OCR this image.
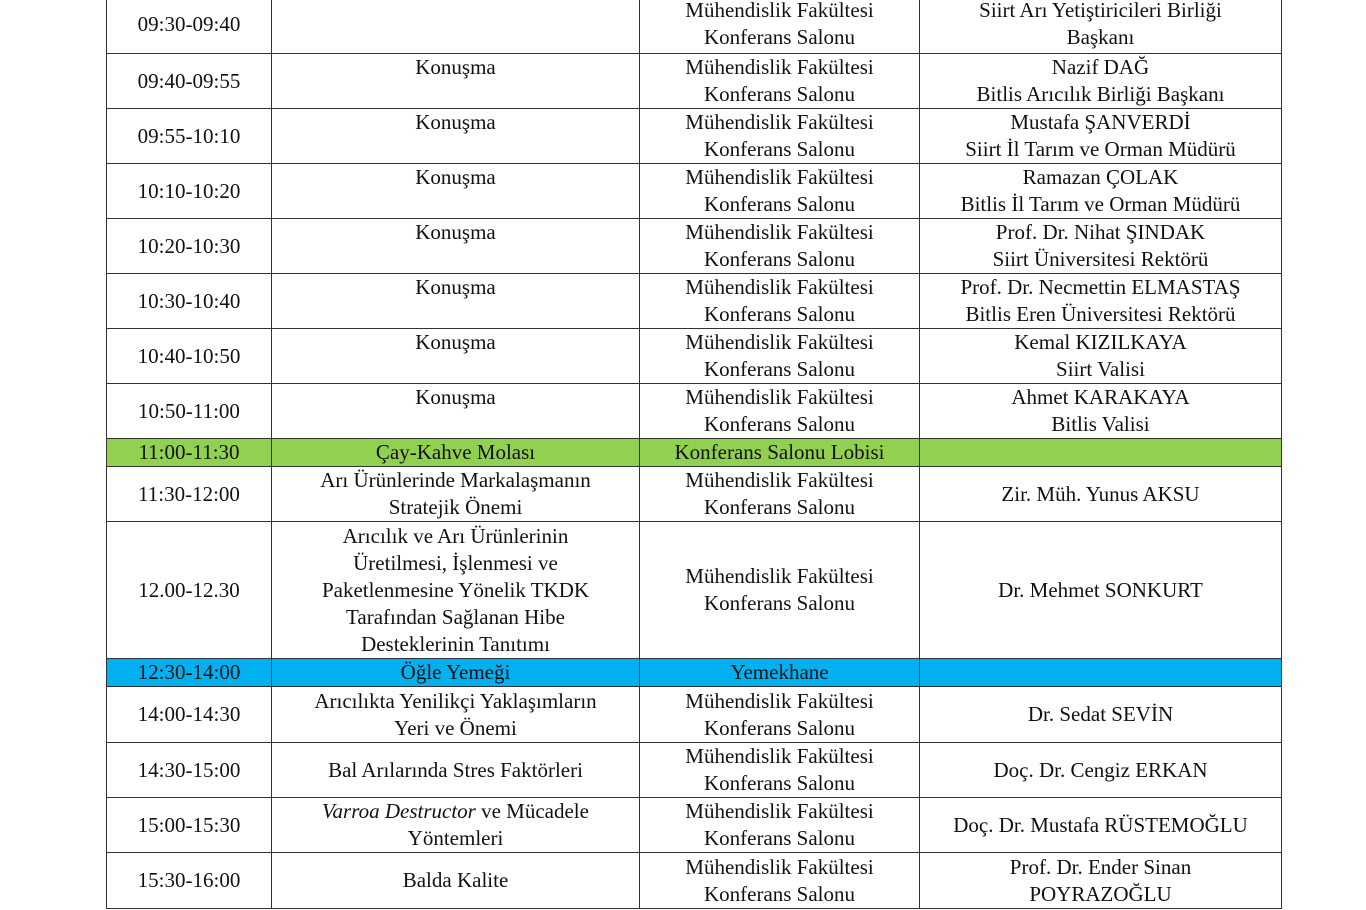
09:30-09:40		Mühendislik Fakültesi
Konferans Salonu	Siirt Arı Yetiştiricileri Birliği
Başkanı

09:40-09:55	Konuşma	Mühendislik Fakültesi
Konferans Salonu	Nazif DAĞ
Bitlis Arıcılık Birliği Başkanı

09:55-10:10	Konuşma	Mühendislik Fakültesi
Konferans Salonu	Mustafa ŞANVERDİ
Siirt İl Tarım ve Orman Müdürü

10:10-10:20	Konuşma	Mühendislik Fakültesi
Konferans Salonu	Ramazan ÇOLAK
Bitlis İl Tarım ve Orman Müdürü

10:20-10:30	Konuşma	Mühendislik Fakültesi
Konferans Salonu	Prof. Dr. Nihat ŞINDAK
Siirt Üniversitesi Rektörü

10:30-10:40	Konuşma	Mühendislik Fakültesi
Konferans Salonu	Prof. Dr. Necmettin ELMASTAŞ
Bitlis Eren Üniversitesi Rektörü

10:40-10:50	Konuşma	Mühendislik Fakültesi
Konferans Salonu	Kemal KIZILKAYA
Siirt Valisi

10:50-11:00	Konuşma	Mühendislik Fakültesi
Konferans Salonu	Ahmet KARAKAYA
Bitlis Valisi

11:00-11:30	Çay-Kahve Molası	Konferans Salonu Lobisi	
11:30-12:00	Arı Ürünlerinde Markalaşmanın
Stratejik Önemi	Mühendislik Fakültesi
Konferans Salonu	Zir. Müh. Yunus AKSU
12.00-12.30	Arıcılık ve Arı Ürünlerinin
Üretilmesi, İşlenmesi ve
Paketlenmesine Yönelik TKDK
Tarafından Sağlanan Hibe
Desteklerinin Tanıtımı	Mühendislik Fakültesi
Konferans Salonu	Dr. Mehmet SONKURT
12:30-14:00	Öğle Yemeği	Yemekhane	
14:00-14:30	Arıcılıkta Yenilikçi Yaklaşımların
Yeri ve Önemi	Mühendislik Fakültesi
Konferans Salonu	Dr. Sedat SEVİN
14:30-15:00	Bal Arılarında Stres Faktörleri	Mühendislik Fakültesi
Konferans Salonu	Doç. Dr. Cengiz ERKAN
15:00-15:30	Varroa Destructor ve Mücadele
Yöntemleri	Mühendislik Fakültesi
Konferans Salonu	Doç. Dr. Mustafa RÜSTEMOĞLU
15:30-16:00	Balda Kalite	Mühendislik Fakültesi
Konferans Salonu	Prof. Dr. Ender Sinan
POYRAZOĞLU
